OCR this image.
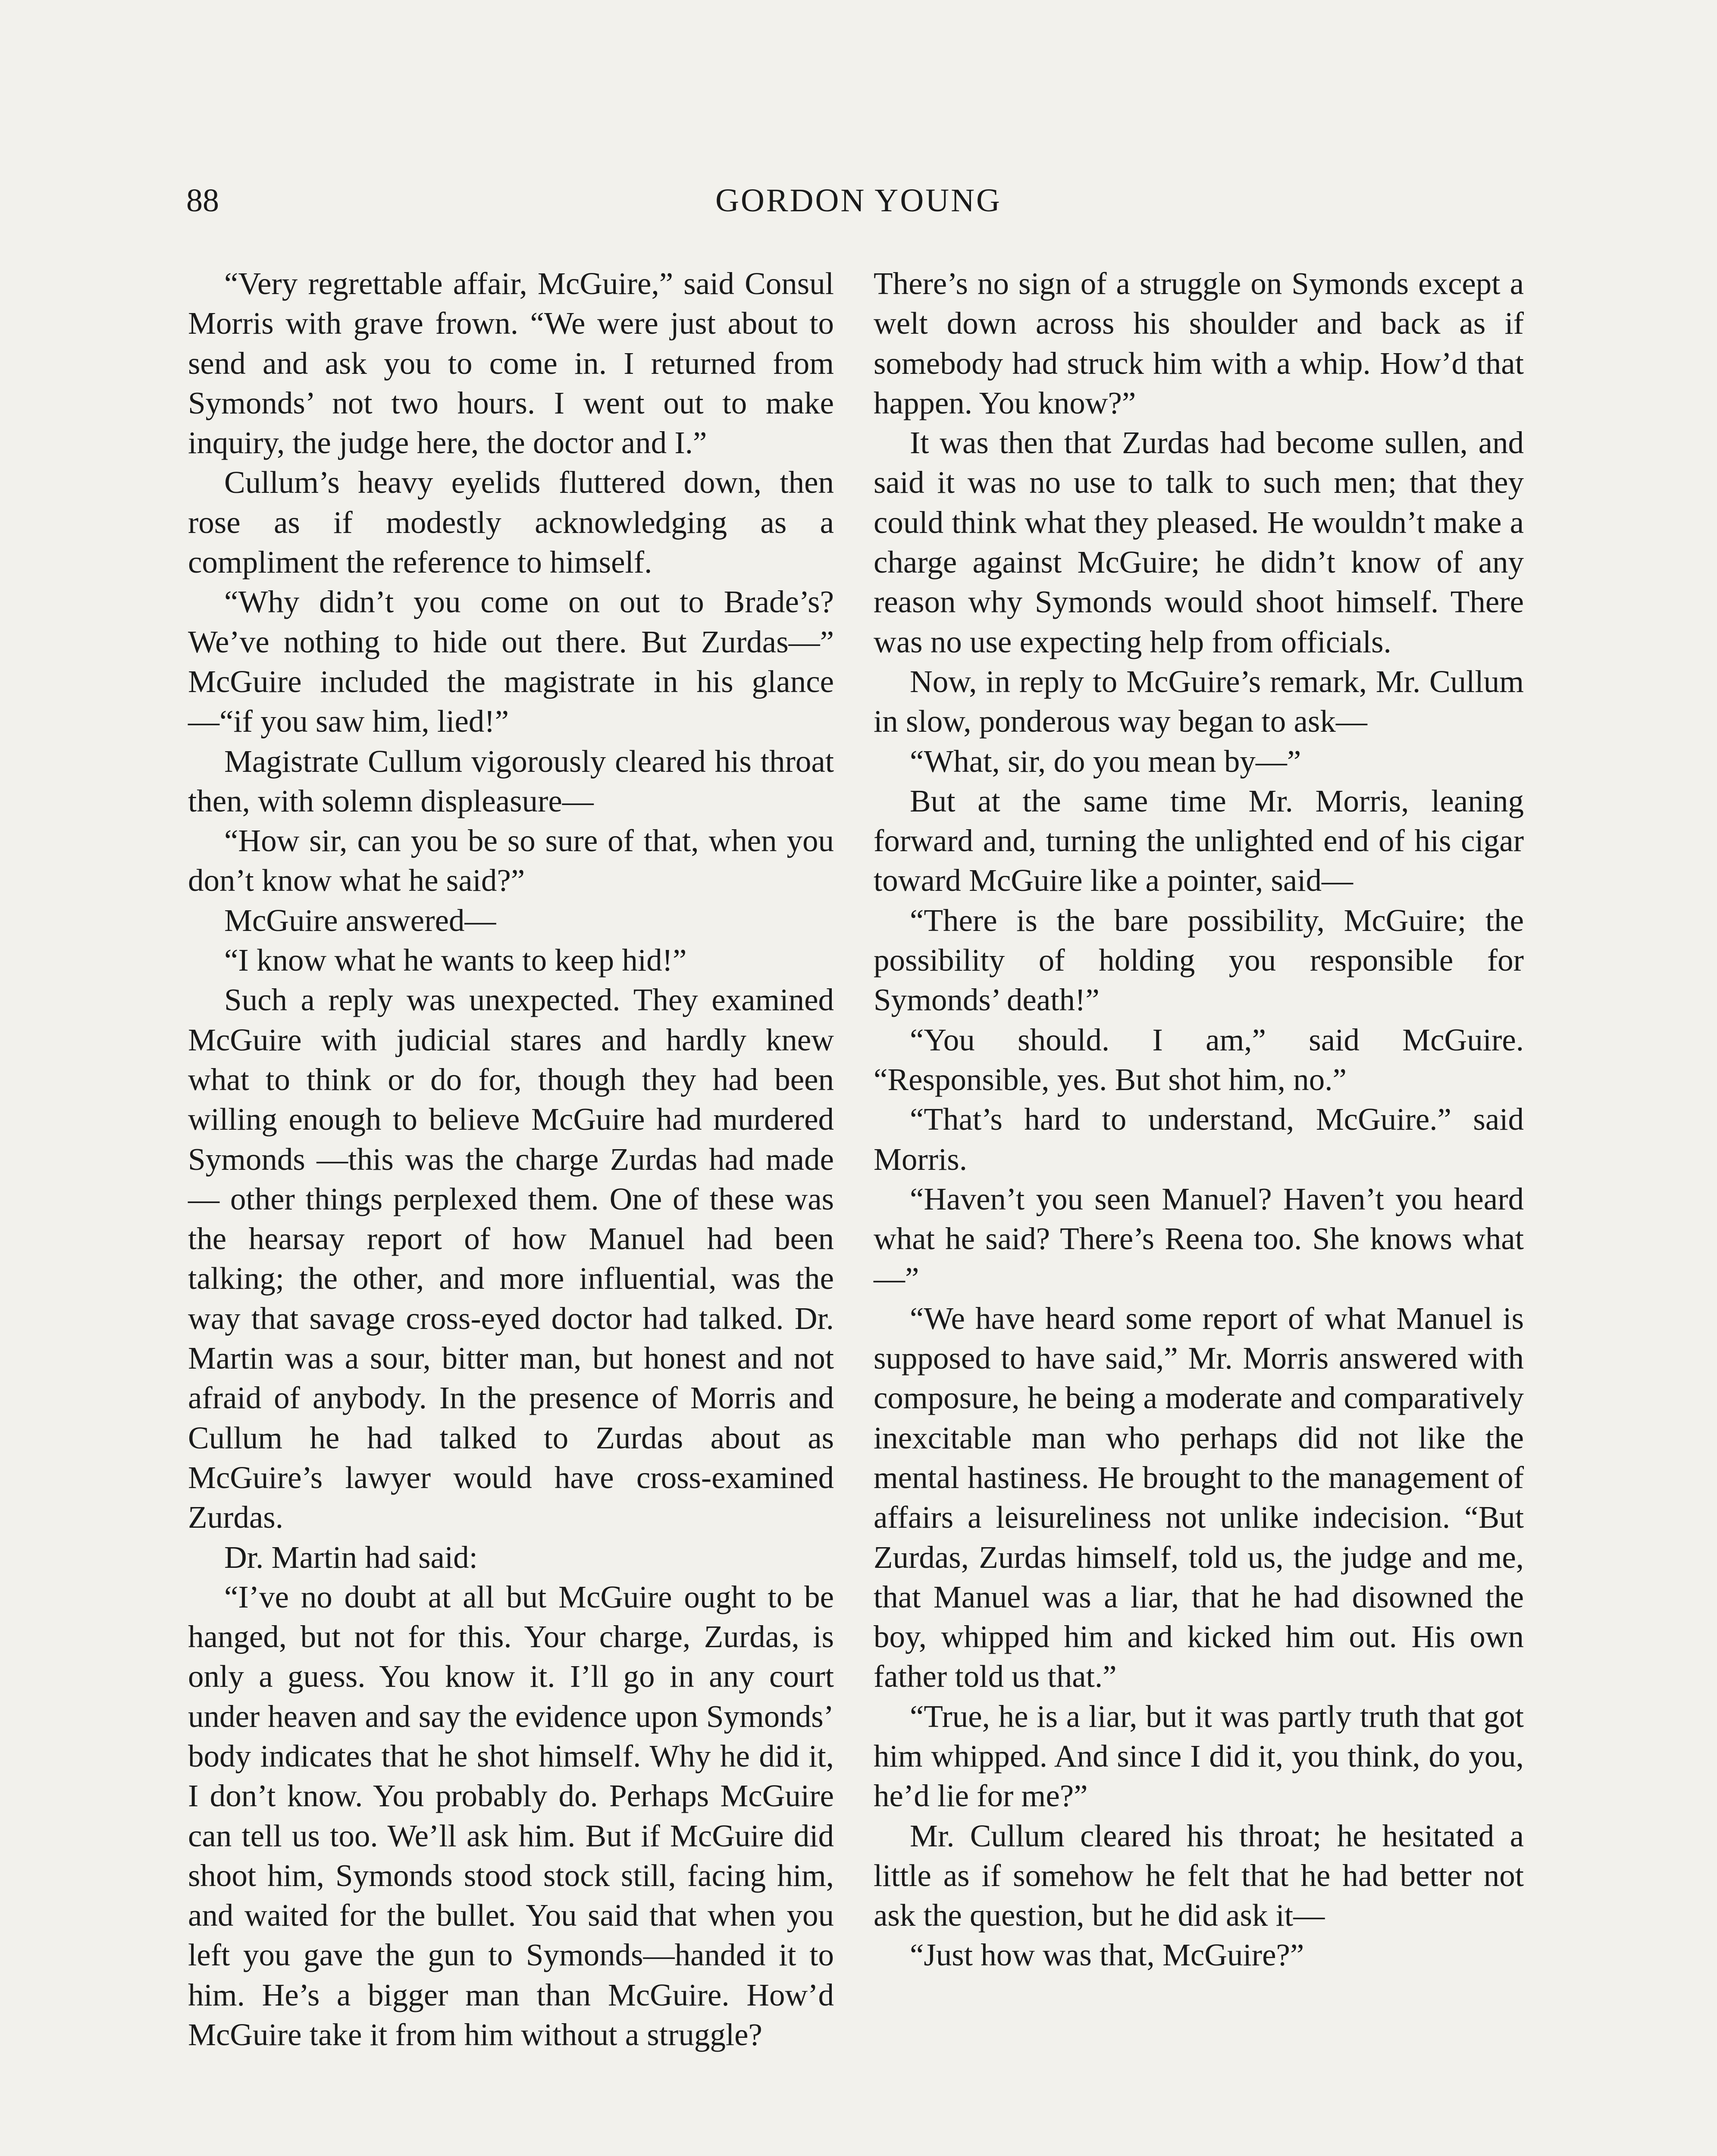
88	GORDON YOUNG

“Very regrettable affair, McGuire,” said Consul Morris with grave frown. “We were just about to send and ask you to come in. I returned from Symonds’ not two hours. I went out to make inquiry, the judge here, the doctor and I.”

Cullum’s heavy eyelids fluttered down, then rose as if modestly acknowledging as a compliment the reference to himself.

“Why didn’t you come on out to Brade’s? We’ve nothing to hide out there. But Zurdas—” McGuire included the magistrate in his glance—“if you saw him, lied!”

Magistrate Cullum vigorously cleared his throat then, with solemn displeasure—

“How sir, can you be so sure of that, when you don’t know what he said?”

McGuire answered—

“I know what he wants to keep hid!”

Such a reply was unexpected. They examined McGuire with judicial stares and hardly knew what to think or do for, though they had been willing enough to believe McGuire had murdered Symonds —this was the charge Zurdas had made— other things perplexed them. One of these was the hearsay report of how Manuel had been talking; the other, and more influential, was the way that savage cross-eyed doctor had talked. Dr. Martin was a sour, bitter man, but honest and not afraid of anybody. In the presence of Morris and Cullum he had talked to Zurdas about as McGuire’s lawyer would have cross-examined Zurdas.

Dr. Martin had said:

“I’ve no doubt at all but McGuire ought to be hanged, but not for this. Your charge, Zurdas, is only a guess. You know it. I’ll go in any court under heaven and say the evidence upon Symonds’ body indicates that he shot himself. Why he did it, I don’t know. You probably do. Perhaps McGuire can tell us too. We’ll ask him. But if McGuire did shoot him, Symonds stood stock still, facing him, and waited for the bullet. You said that when you left you gave the gun to Symonds—handed it to him. He’s a bigger man than McGuire. How’d McGuire take it from him without a struggle?

There’s no sign of a struggle on Symonds except a welt down across his shoulder and back as if somebody had struck him with a whip. How’d that happen. You know?”

It was then that Zurdas had become sullen, and said it was no use to talk to such men; that they could think what they pleased. He wouldn’t make a charge against McGuire; he didn’t know of any reason why Symonds would shoot himself. There was no use expecting help from officials.

Now, in reply to McGuire’s remark, Mr. Cullum in slow, ponderous way began to ask—

“What, sir, do you mean by—”

But at the same time Mr. Morris, leaning forward and, turning the unlighted end of his cigar toward McGuire like a pointer, said—

“There is the bare possibility, McGuire; the possibility of holding you responsible for Symonds’ death!”

“You should. I am,” said McGuire. “Responsible, yes. But shot him, no.”

“That’s hard to understand, McGuire.” said Morris.

“Haven’t you seen Manuel? Haven’t you heard what he said? There’s Reena too. She knows what—”

“We have heard some report of what Manuel is supposed to have said,” Mr. Morris answered with composure, he being a moderate and comparatively inexcitable man who perhaps did not like the mental hastiness. He brought to the management of affairs a leisureliness not unlike indecision. “But Zurdas, Zurdas himself, told us, the judge and me, that Manuel was a liar, that he had disowned the boy, whipped him and kicked him out. His own father told us that.”

“True, he is a liar, but it was partly truth that got him whipped. And since I did it, you think, do you, he’d lie for me?”

Mr. Cullum cleared his throat; he hesitated a little as if somehow he felt that he had better not ask the question, but he did ask it—

“Just how was that, McGuire?”
